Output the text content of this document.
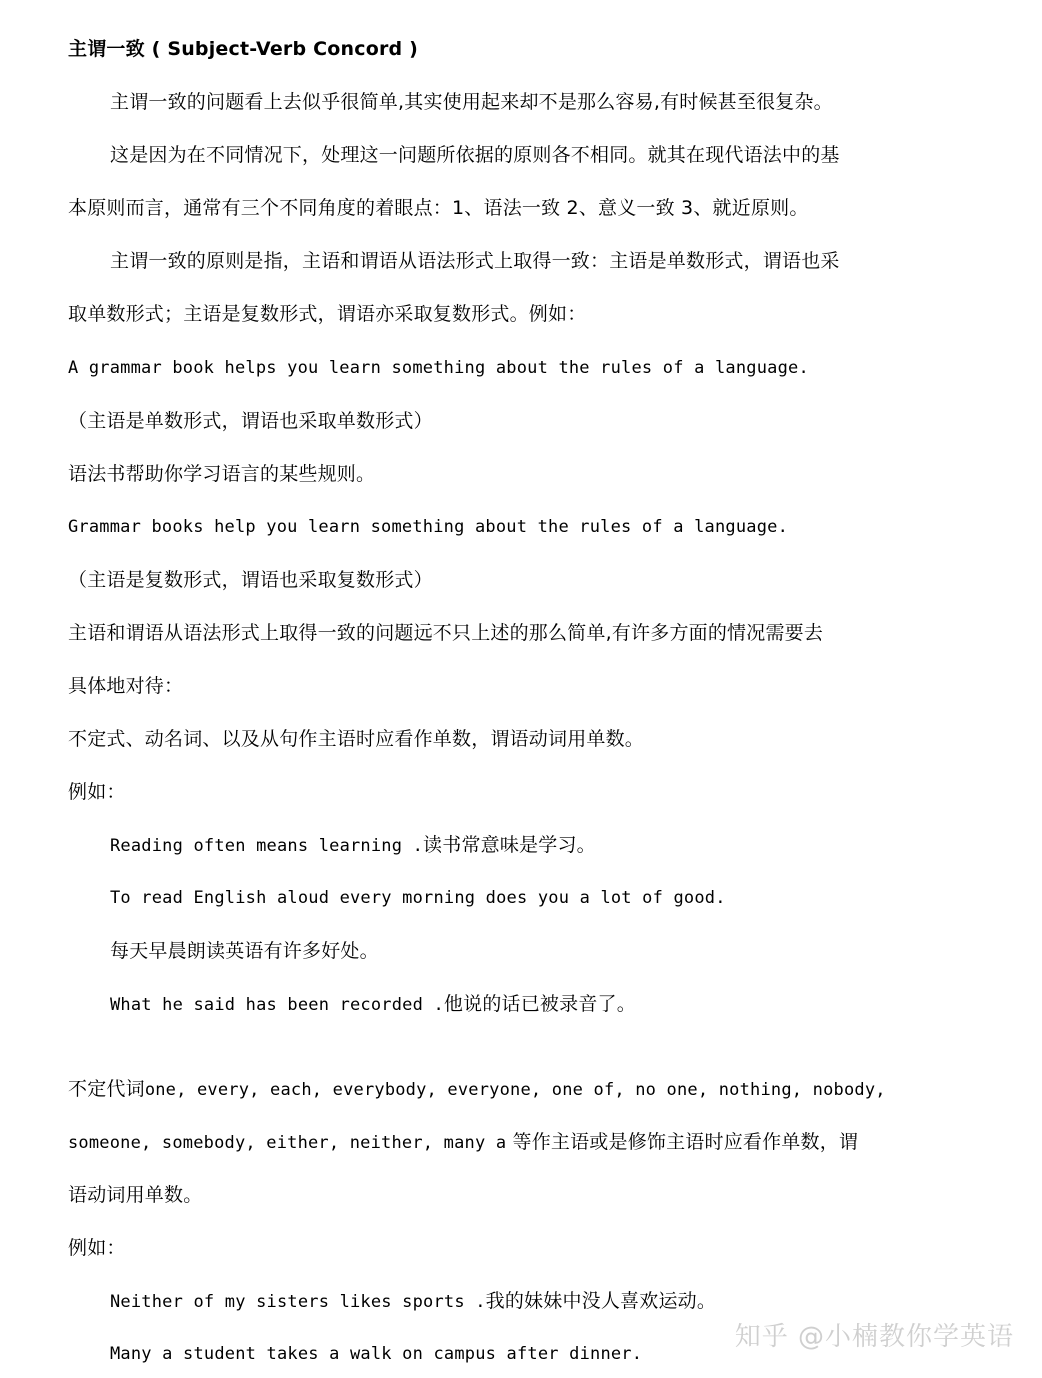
主谓一致 ( Subject-Verb Concord )
主谓一致的问题看上去似乎很简单,其实使用起来却不是那么容易,有时候甚至很复杂。
这是因为在不同情况下，处理这一问题所依据的原则各不相同。就其在现代语法中的基
本原则而言，通常有三个不同角度的着眼点：1、语法一致 2、意义一致 3、就近原则。
主谓一致的原则是指，主语和谓语从语法形式上取得一致：主语是单数形式，谓语也采
取单数形式；主语是复数形式，谓语亦采取复数形式。例如：
A grammar book helps you learn something about the rules of a language.
（主语是单数形式，谓语也采取单数形式）
语法书帮助你学习语言的某些规则。
Grammar books help you learn something about the rules of a language.
（主语是复数形式，谓语也采取复数形式）
主语和谓语从语法形式上取得一致的问题远不只上述的那么简单,有许多方面的情况需要去
具体地对待：
不定式、动名词、以及从句作主语时应看作单数，谓语动词用单数。
例如：
Reading often means learning .读书常意味是学习。
To read English aloud every morning does you a lot of good.
每天早晨朗读英语有许多好处。
What he said has been recorded .他说的话已被录音了。
不定代词one, every, each, everybody, everyone, one of, no one, nothing, nobody,
someone, somebody, either, neither, many a 等作主语或是修饰主语时应看作单数，谓
语动词用单数。
例如：
Neither of my sisters likes sports .我的妹妹中没人喜欢运动。
Many a student takes a walk on campus after dinner.
知乎 @小楠教你学英语
